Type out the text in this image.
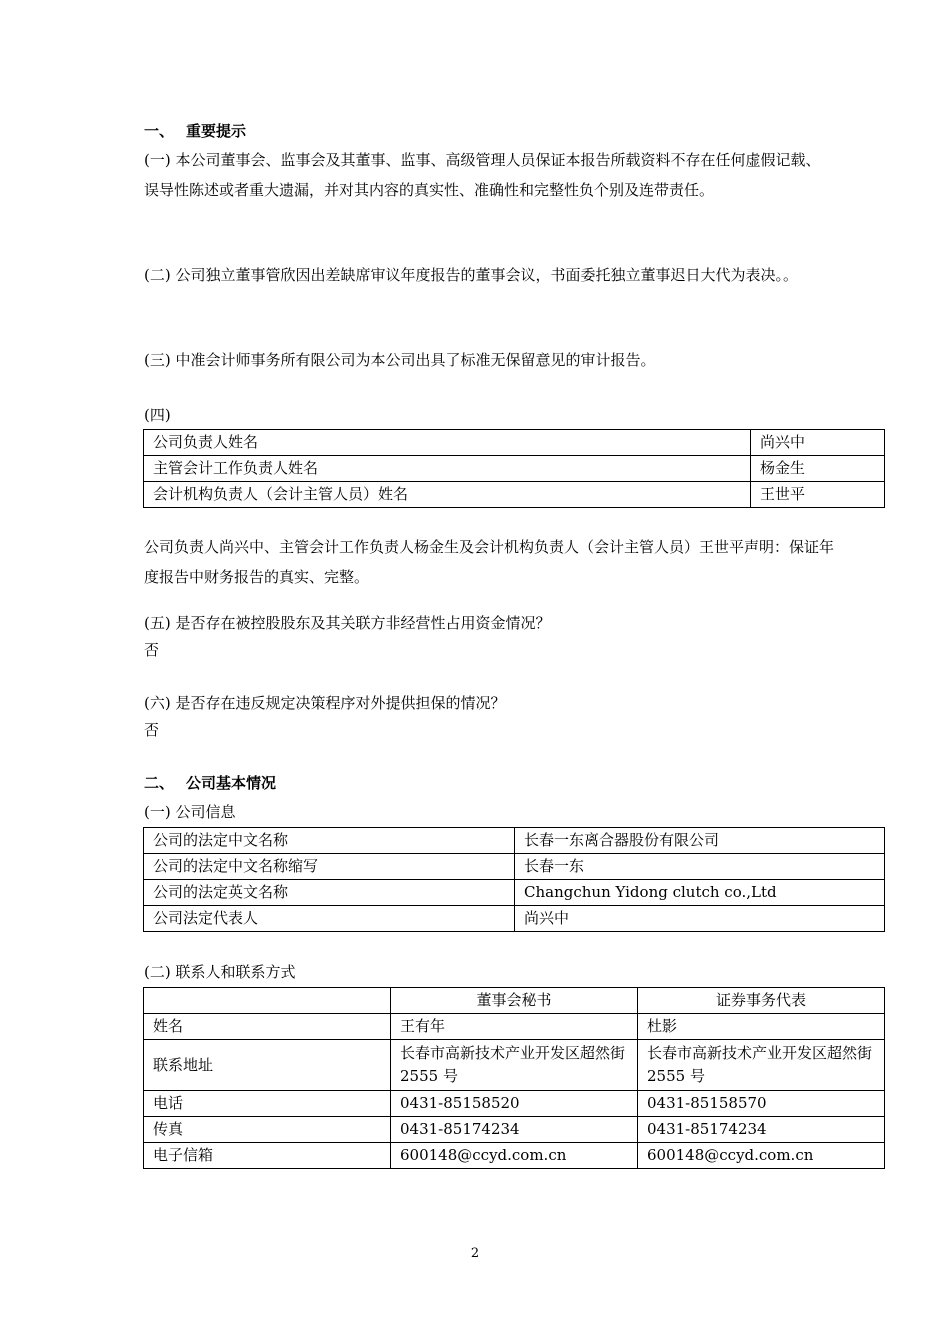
一、 重要提示

(一) 本公司董事会、监事会及其董事、监事、高级管理人员保证本报告所载资料不存在任何虚假记载、误导性陈述或者重大遗漏，并对其内容的真实性、准确性和完整性负个别及连带责任。

(二) 公司独立董事管欣因出差缺席审议年度报告的董事会议，书面委托独立董事迟日大代为表决。。

(三) 中准会计师事务所有限公司为本公司出具了标准无保留意见的审计报告。

(四)

公司负责人姓名	尚兴中
主管会计工作负责人姓名	杨金生
会计机构负责人（会计主管人员）姓名	王世平

公司负责人尚兴中、主管会计工作负责人杨金生及会计机构负责人（会计主管人员）王世平声明：保证年度报告中财务报告的真实、完整。

(五) 是否存在被控股股东及其关联方非经营性占用资金情况？

否

(六) 是否存在违反规定决策程序对外提供担保的情况？

否

二、 公司基本情况

(一) 公司信息

公司的法定中文名称	长春一东离合器股份有限公司
公司的法定中文名称缩写	长春一东
公司的法定英文名称	Changchun Yidong clutch co.,Ltd
公司法定代表人	尚兴中

(二) 联系人和联系方式

	董事会秘书	证券事务代表
姓名	王有年	杜影
联系地址	长春市高新技术产业开发区超然街 2555 号	长春市高新技术产业开发区超然街 2555 号
电话	0431-85158520	0431-85158570
传真	0431-85174234	0431-85174234
电子信箱	600148@ccyd.com.cn	600148@ccyd.com.cn
2
